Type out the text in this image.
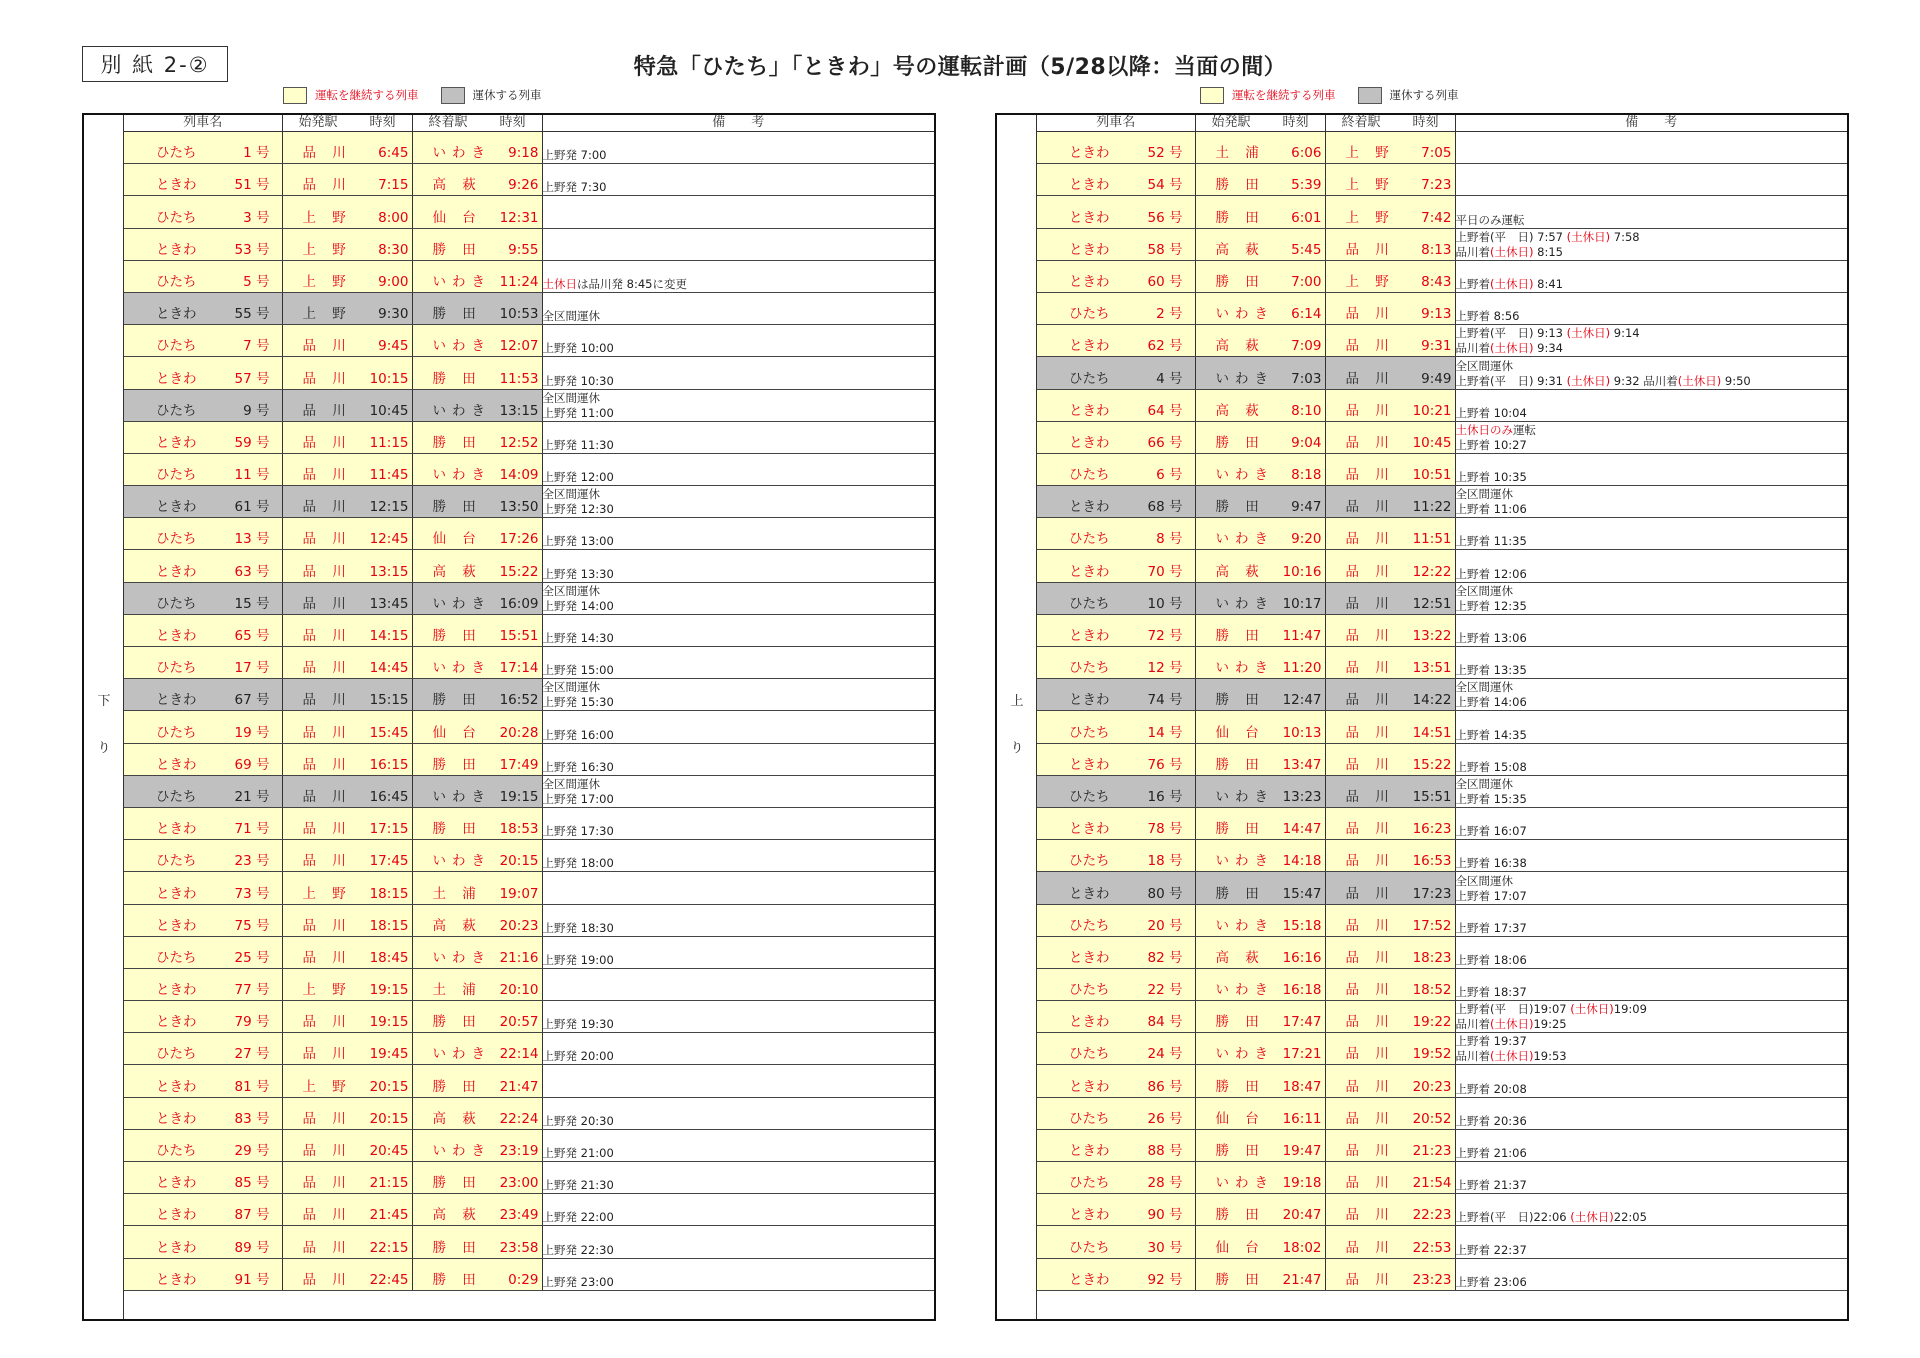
別 紙 2-②	特急「ひたち」「ときわ」号の運転計画（5/28以降：当面の間）
運転を継続する列車	運休する列車	運転を継続する列車	運休する列車
下
り
列車名	始発駅 時刻	終着駅 時刻	備　　考

ひたち 1 号	品 川 6:45	いわき 9:18	上野発 7:00

ときわ 51 号	品 川 7:15	高 萩 9:26	上野発 7:30

ひたち 3 号	上 野 8:00	仙 台 12:31	

ときわ 53 号	上 野 8:30	勝 田 9:55	

ひたち 5 号	上 野 9:00	いわき 11:24	土休日は品川発 8:45に変更

ときわ 55 号	上 野 9:30	勝 田 10:53	全区間運休

ひたち 7 号	品 川 9:45	いわき 12:07	上野発 10:00

ときわ 57 号	品 川 10:15	勝 田 11:53	上野発 10:30

ひたち 9 号	品 川 10:45	いわき 13:15	全区間運休
上野発 11:00

ときわ 59 号	品 川 11:15	勝 田 12:52	上野発 11:30

ひたち 11 号	品 川 11:45	いわき 14:09	上野発 12:00

ときわ 61 号	品 川 12:15	勝 田 13:50	全区間運休
上野発 12:30

ひたち 13 号	品 川 12:45	仙 台 17:26	上野発 13:00

ときわ 63 号	品 川 13:15	高 萩 15:22	上野発 13:30

ひたち 15 号	品 川 13:45	いわき 16:09	全区間運休
上野発 14:00

ときわ 65 号	品 川 14:15	勝 田 15:51	上野発 14:30

ひたち 17 号	品 川 14:45	いわき 17:14	上野発 15:00

ときわ 67 号	品 川 15:15	勝 田 16:52	全区間運休
上野発 15:30

ひたち 19 号	品 川 15:45	仙 台 20:28	上野発 16:00

ときわ 69 号	品 川 16:15	勝 田 17:49	上野発 16:30

ひたち 21 号	品 川 16:45	いわき 19:15	全区間運休
上野発 17:00

ときわ 71 号	品 川 17:15	勝 田 18:53	上野発 17:30

ひたち 23 号	品 川 17:45	いわき 20:15	上野発 18:00

ときわ 73 号	上 野 18:15	土 浦 19:07	

ときわ 75 号	品 川 18:15	高 萩 20:23	上野発 18:30

ひたち 25 号	品 川 18:45	いわき 21:16	上野発 19:00

ときわ 77 号	上 野 19:15	土 浦 20:10	

ときわ 79 号	品 川 19:15	勝 田 20:57	上野発 19:30

ひたち 27 号	品 川 19:45	いわき 22:14	上野発 20:00

ときわ 81 号	上 野 20:15	勝 田 21:47	

ときわ 83 号	品 川 20:15	高 萩 22:24	上野発 20:30

ひたち 29 号	品 川 20:45	いわき 23:19	上野発 21:00

ときわ 85 号	品 川 21:15	勝 田 23:00	上野発 21:30

ときわ 87 号	品 川 21:45	高 萩 23:49	上野発 22:00

ときわ 89 号	品 川 22:15	勝 田 23:58	上野発 22:30

ときわ 91 号	品 川 22:45	勝 田 0:29	上野発 23:00
上
り
列車名	始発駅 時刻	終着駅 時刻	備　　考

ときわ 52 号	土 浦 6:06	上 野 7:05	

ときわ 54 号	勝 田 5:39	上 野 7:23	

ときわ 56 号	勝 田 6:01	上 野 7:42	平日のみ運転

ときわ 58 号	高 萩 5:45	品 川 8:13	上野着(平　日) 7:57 (土休日) 7:58
品川着(土休日) 8:15

ときわ 60 号	勝 田 7:00	上 野 8:43	上野着(土休日) 8:41

ひたち 2 号	いわき 6:14	品 川 9:13	上野着 8:56

ときわ 62 号	高 萩 7:09	品 川 9:31	上野着(平　日) 9:13 (土休日) 9:14
品川着(土休日) 9:34

ひたち 4 号	いわき 7:03	品 川 9:49	全区間運休
上野着(平　日) 9:31 (土休日) 9:32 品川着(土休日) 9:50

ときわ 64 号	高 萩 8:10	品 川 10:21	上野着 10:04

ときわ 66 号	勝 田 9:04	品 川 10:45	土休日のみ運転
上野着 10:27

ひたち 6 号	いわき 8:18	品 川 10:51	上野着 10:35

ときわ 68 号	勝 田 9:47	品 川 11:22	全区間運休
上野着 11:06

ひたち 8 号	いわき 9:20	品 川 11:51	上野着 11:35

ときわ 70 号	高 萩 10:16	品 川 12:22	上野着 12:06

ひたち 10 号	いわき 10:17	品 川 12:51	全区間運休
上野着 12:35

ときわ 72 号	勝 田 11:47	品 川 13:22	上野着 13:06

ひたち 12 号	いわき 11:20	品 川 13:51	上野着 13:35

ときわ 74 号	勝 田 12:47	品 川 14:22	全区間運休
上野着 14:06

ひたち 14 号	仙 台 10:13	品 川 14:51	上野着 14:35

ときわ 76 号	勝 田 13:47	品 川 15:22	上野着 15:08

ひたち 16 号	いわき 13:23	品 川 15:51	全区間運休
上野着 15:35

ときわ 78 号	勝 田 14:47	品 川 16:23	上野着 16:07

ひたち 18 号	いわき 14:18	品 川 16:53	上野着 16:38

ときわ 80 号	勝 田 15:47	品 川 17:23	全区間運休
上野着 17:07

ひたち 20 号	いわき 15:18	品 川 17:52	上野着 17:37

ときわ 82 号	高 萩 16:16	品 川 18:23	上野着 18:06

ひたち 22 号	いわき 16:18	品 川 18:52	上野着 18:37

ときわ 84 号	勝 田 17:47	品 川 19:22	上野着(平　日)19:07 (土休日)19:09
品川着(土休日)19:25

ひたち 24 号	いわき 17:21	品 川 19:52	上野着 19:37
品川着(土休日)19:53

ときわ 86 号	勝 田 18:47	品 川 20:23	上野着 20:08

ひたち 26 号	仙 台 16:11	品 川 20:52	上野着 20:36

ときわ 88 号	勝 田 19:47	品 川 21:23	上野着 21:06

ひたち 28 号	いわき 19:18	品 川 21:54	上野着 21:37

ときわ 90 号	勝 田 20:47	品 川 22:23	上野着(平　日)22:06 (土休日)22:05

ひたち 30 号	仙 台 18:02	品 川 22:53	上野着 22:37

ときわ 92 号	勝 田 21:47	品 川 23:23	上野着 23:06
